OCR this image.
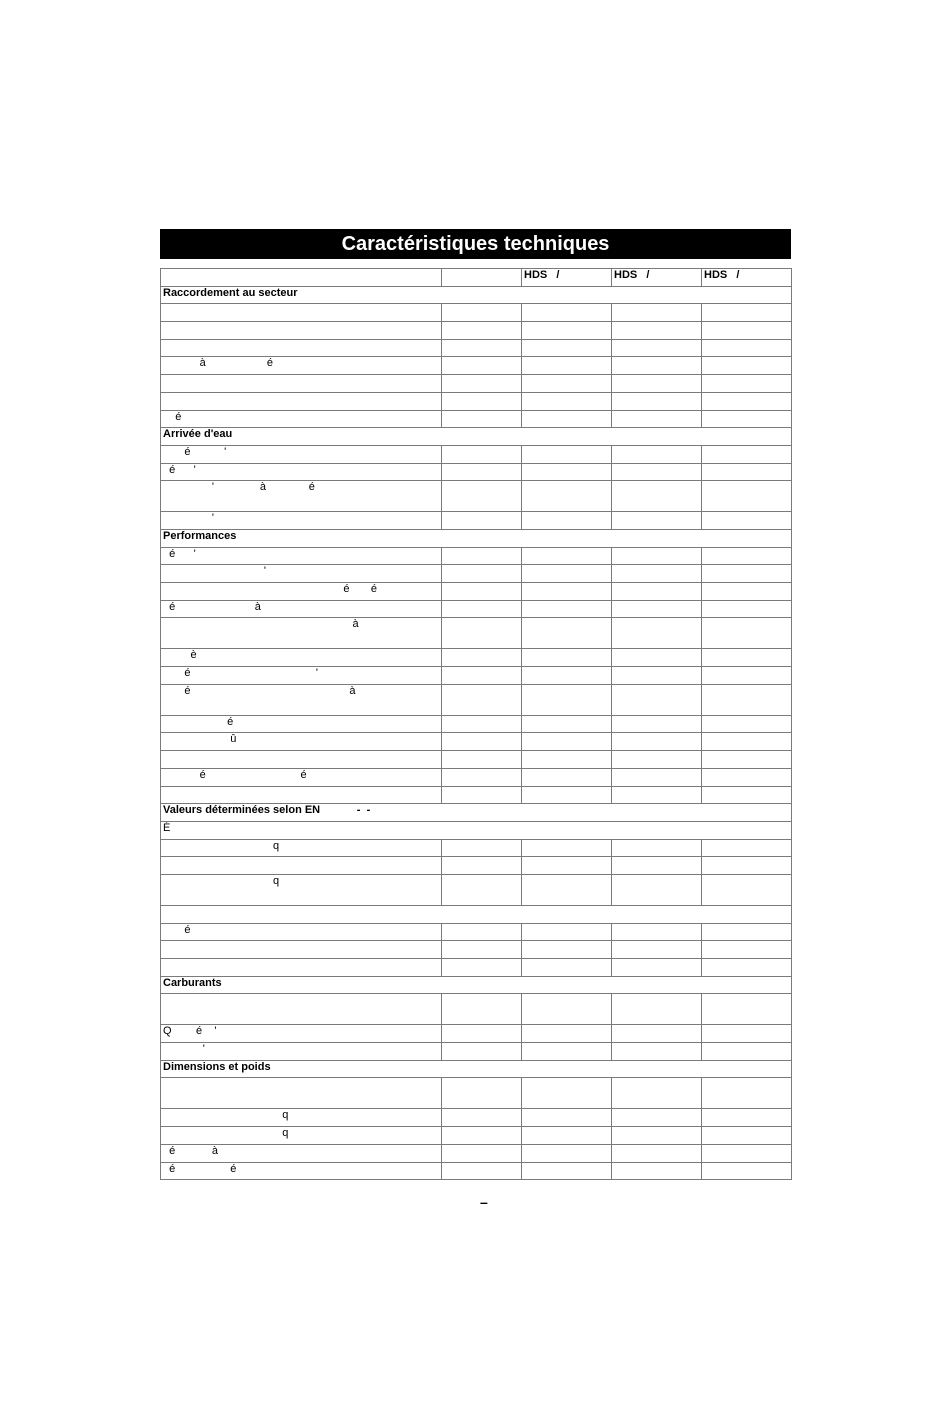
Caractéristiques techniques
		HDS   /	HDS   /	HDS   /
Raccordement au secteur				

à                    é				

é				
Arrivée d'eau				
é           '				
é      '				
'               à              é				
'				
Performances				
é      '				
'				
é       é				
é                          à				
à				
è				
é                                         '				
é                                                    à				
é				
û				

é                               é				

Valeurs déterminées selon EN            -  -				
É				
q				

q				

é				

Carburants				

Q        é    '				
'				
Dimensions et poids				

q				
q				
é            à				
é                  é				
–
